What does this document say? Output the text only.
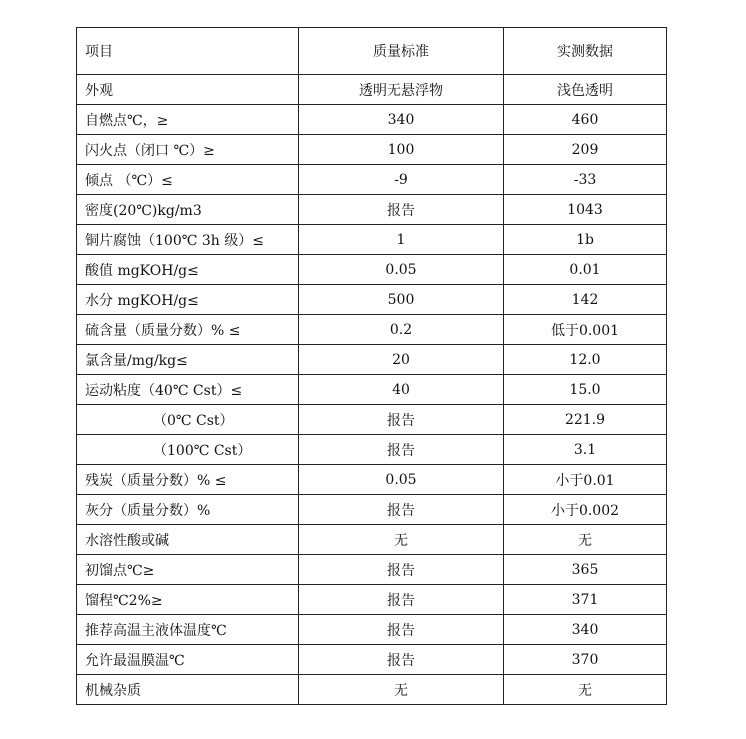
项目	质量标准	实测数据
外观	透明无悬浮物	浅色透明
自燃点℃，≥	340	460
闪火点（闭口 ℃）≥	100	209
倾点 （℃）≤	-9	-33
密度(20℃)kg/m3	报告	1043
铜片腐蚀（100℃ 3h 级）≤	1	1b
酸值 mgKOH/g≤	0.05	0.01
水分 mgKOH/g≤	500	142
硫含量（质量分数）% ≤	0.2	低于0.001
氯含量/mg/kg≤	20	12.0
运动粘度（40℃ Cst）≤	40	15.0
（0℃ Cst）	报告	221.9
（100℃ Cst）	报告	3.1
残炭（质量分数）% ≤	0.05	小于0.01
灰分（质量分数）%	报告	小于0.002
水溶性酸或碱	无	无
初馏点℃≥	报告	365
馏程℃2%≥	报告	371
推荐高温主液体温度℃	报告	340
允许最温膜温℃	报告	370
机械杂质	无	无
